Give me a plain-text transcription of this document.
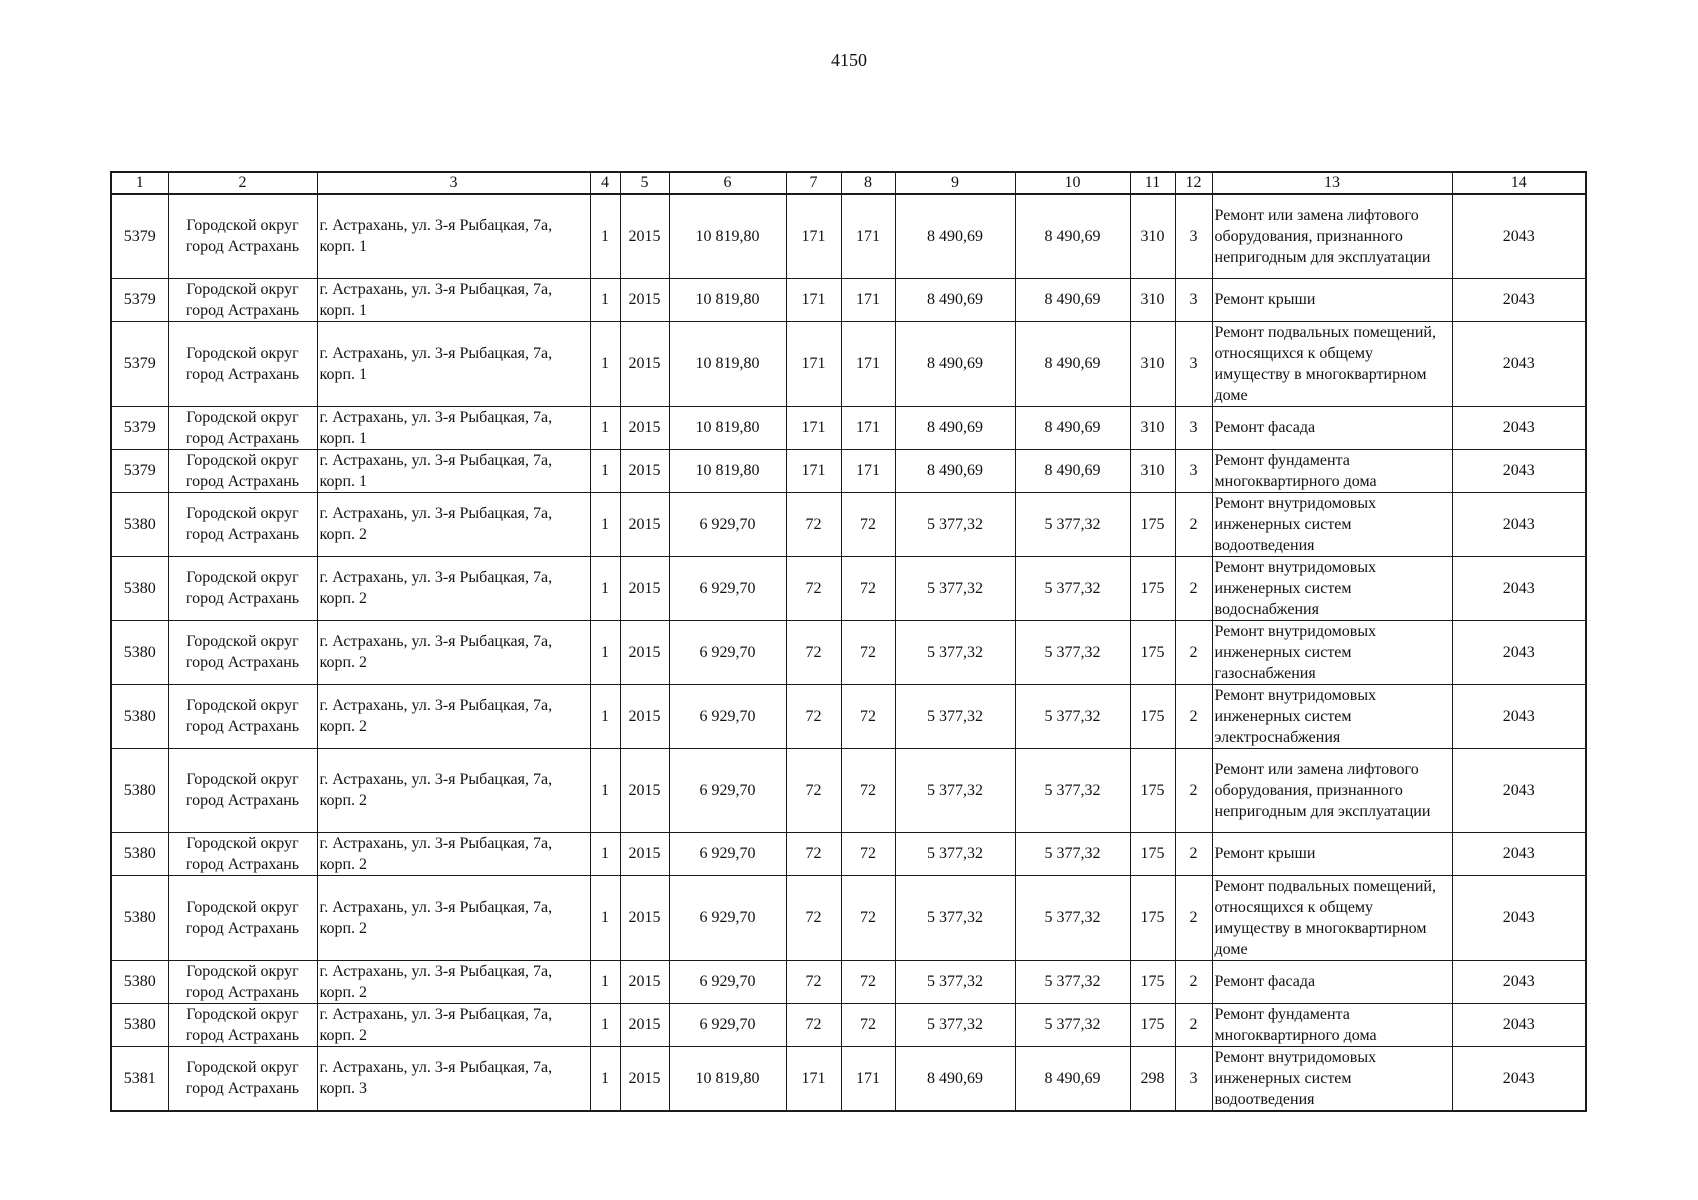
4150
1	2	3	4	5	6	7	8	9	10	11	12	13	14
5379	Городской округ город Астрахань	г. Астрахань, ул. 3-я Рыбацкая, 7а, корп. 1	1	2015	10 819,80	171	171	8 490,69	8 490,69	310	3	Ремонт или замена лифтового оборудования, признанного непригодным для эксплуатации	2043
5379	Городской округ город Астрахань	г. Астрахань, ул. 3-я Рыбацкая, 7а, корп. 1	1	2015	10 819,80	171	171	8 490,69	8 490,69	310	3	Ремонт крыши	2043
5379	Городской округ город Астрахань	г. Астрахань, ул. 3-я Рыбацкая, 7а, корп. 1	1	2015	10 819,80	171	171	8 490,69	8 490,69	310	3	Ремонт подвальных помещений, относящихся к общему имуществу в многоквартирном доме	2043
5379	Городской округ город Астрахань	г. Астрахань, ул. 3-я Рыбацкая, 7а, корп. 1	1	2015	10 819,80	171	171	8 490,69	8 490,69	310	3	Ремонт фасада	2043
5379	Городской округ город Астрахань	г. Астрахань, ул. 3-я Рыбацкая, 7а, корп. 1	1	2015	10 819,80	171	171	8 490,69	8 490,69	310	3	Ремонт фундамента многоквартирного дома	2043
5380	Городской округ город Астрахань	г. Астрахань, ул. 3-я Рыбацкая, 7а, корп. 2	1	2015	6 929,70	72	72	5 377,32	5 377,32	175	2	Ремонт внутридомовых инженерных систем водоотведения	2043
5380	Городской округ город Астрахань	г. Астрахань, ул. 3-я Рыбацкая, 7а, корп. 2	1	2015	6 929,70	72	72	5 377,32	5 377,32	175	2	Ремонт внутридомовых инженерных систем водоснабжения	2043
5380	Городской округ город Астрахань	г. Астрахань, ул. 3-я Рыбацкая, 7а, корп. 2	1	2015	6 929,70	72	72	5 377,32	5 377,32	175	2	Ремонт внутридомовых инженерных систем газоснабжения	2043
5380	Городской округ город Астрахань	г. Астрахань, ул. 3-я Рыбацкая, 7а, корп. 2	1	2015	6 929,70	72	72	5 377,32	5 377,32	175	2	Ремонт внутридомовых инженерных систем электроснабжения	2043
5380	Городской округ город Астрахань	г. Астрахань, ул. 3-я Рыбацкая, 7а, корп. 2	1	2015	6 929,70	72	72	5 377,32	5 377,32	175	2	Ремонт или замена лифтового оборудования, признанного непригодным для эксплуатации	2043
5380	Городской округ город Астрахань	г. Астрахань, ул. 3-я Рыбацкая, 7а, корп. 2	1	2015	6 929,70	72	72	5 377,32	5 377,32	175	2	Ремонт крыши	2043
5380	Городской округ город Астрахань	г. Астрахань, ул. 3-я Рыбацкая, 7а, корп. 2	1	2015	6 929,70	72	72	5 377,32	5 377,32	175	2	Ремонт подвальных помещений, относящихся к общему имуществу в многоквартирном доме	2043
5380	Городской округ город Астрахань	г. Астрахань, ул. 3-я Рыбацкая, 7а, корп. 2	1	2015	6 929,70	72	72	5 377,32	5 377,32	175	2	Ремонт фасада	2043
5380	Городской округ город Астрахань	г. Астрахань, ул. 3-я Рыбацкая, 7а, корп. 2	1	2015	6 929,70	72	72	5 377,32	5 377,32	175	2	Ремонт фундамента многоквартирного дома	2043
5381	Городской округ город Астрахань	г. Астрахань, ул. 3-я Рыбацкая, 7а, корп. 3	1	2015	10 819,80	171	171	8 490,69	8 490,69	298	3	Ремонт внутридомовых инженерных систем водоотведения	2043
